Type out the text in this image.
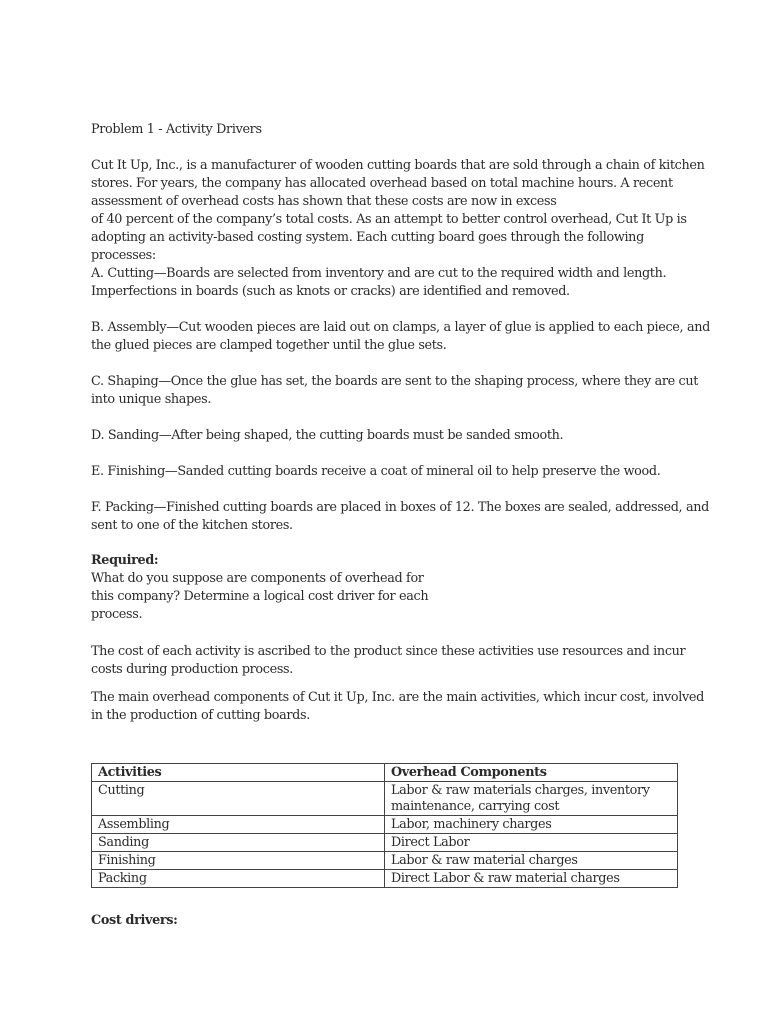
Problem 1 - Activity Drivers

Cut It Up, Inc., is a manufacturer of wooden cutting boards that are sold through a chain of kitchen
stores. For years, the company has allocated overhead based on total machine hours. A recent
assessment of overhead costs has shown that these costs are now in excess
of 40 percent of the company’s total costs. As an attempt to better control overhead, Cut It Up is
adopting an activity-based costing system. Each cutting board goes through the following
processes:
A. Cutting—Boards are selected from inventory and are cut to the required width and length.
Imperfections in boards (such as knots or cracks) are identified and removed.

B. Assembly—Cut wooden pieces are laid out on clamps, a layer of glue is applied to each piece, and
the glued pieces are clamped together until the glue sets.

C. Shaping—Once the glue has set, the boards are sent to the shaping process, where they are cut
into unique shapes.

D. Sanding—After being shaped, the cutting boards must be sanded smooth.

E. Finishing—Sanded cutting boards receive a coat of mineral oil to help preserve the wood.

F. Packing—Finished cutting boards are placed in boxes of 12. The boxes are sealed, addressed, and
sent to one of the kitchen stores.

Required:

What do you suppose are components of overhead for
this company? Determine a logical cost driver for each
process.

The cost of each activity is ascribed to the product since these activities use resources and incur
costs during production process.

The main overhead components of Cut it Up, Inc. are the main activities, which incur cost, involved
in the production of cutting boards.

Activities	Overhead Components
Cutting	Labor & raw materials charges, inventory maintenance, carrying cost
Assembling	Labor, machinery charges
Sanding	Direct Labor
Finishing	Labor & raw material charges
Packing	Direct Labor & raw material charges

Cost drivers:
